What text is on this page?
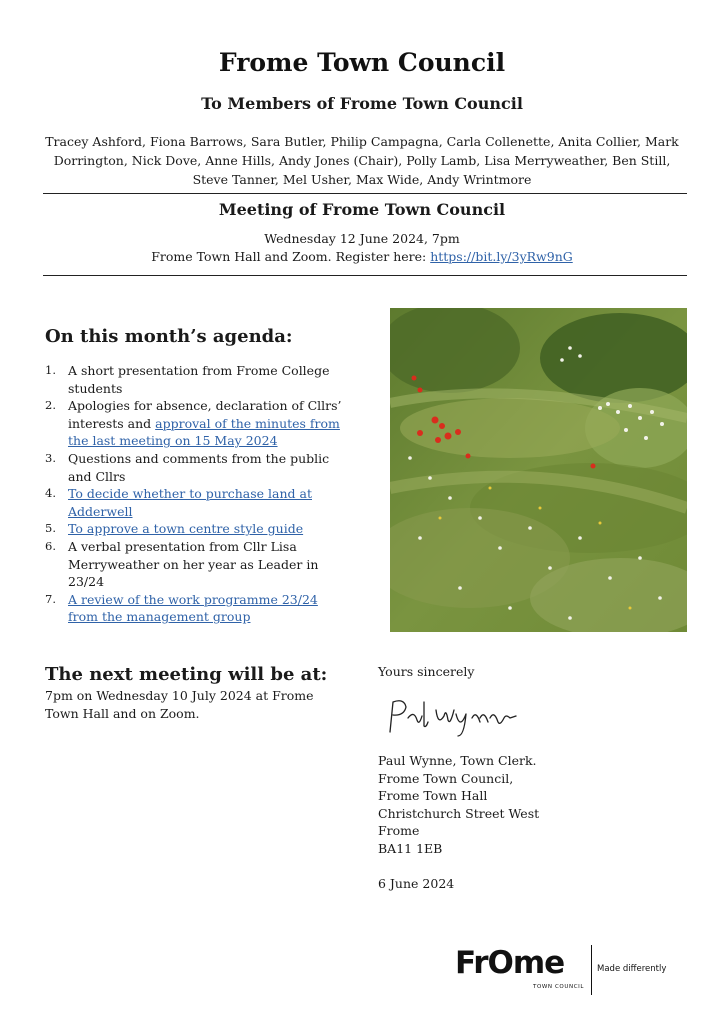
Frome Town Council
To Members of Frome Town Council
Tracey Ashford, Fiona Barrows, Sara Butler, Philip Campagna, Carla Collenette, Anita Collier, Mark Dorrington, Nick Dove, Anne Hills, Andy Jones (Chair), Polly Lamb, Lisa Merryweather, Ben Still, Steve Tanner, Mel Usher, Max Wide, Andy Wrintmore
Meeting of Frome Town Council
Wednesday 12 June 2024, 7pm
Frome Town Hall and Zoom. Register here: https://bit.ly/3yRw9nG
On this month’s agenda:
1. A short presentation from Frome College students
2. Apologies for absence, declaration of Cllrs’ interests and approval of the minutes from the last meeting on 15 May 2024
3. Questions and comments from the public and Cllrs
4. To decide whether to purchase land at Adderwell
5. To approve a town centre style guide
6. A verbal presentation from Cllr Lisa Merryweather on her year as Leader in 23/24
7. A review of the work programme 23/24 from the management group
The next meeting will be at:
7pm on Wednesday 10 July 2024 at Frome Town Hall and on Zoom.
Yours sincerely
Paul Wynne, Town Clerk.
Frome Town Council,
Frome Town Hall
Christchurch Street West
Frome
BA11 1EB
6 June 2024
FrOme
TOWN COUNCIL
Made differently
